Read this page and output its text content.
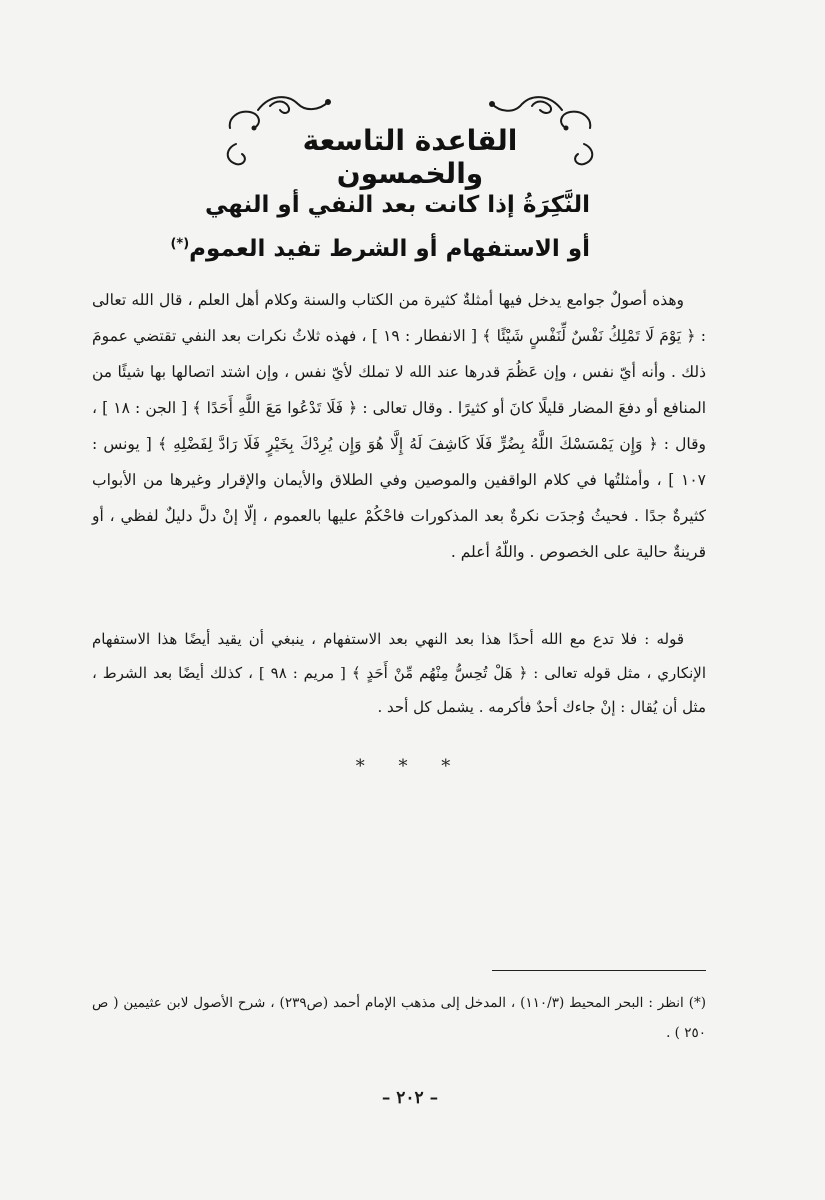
القاعدة التاسعة والخمسون
النَّكِرَةُ إذا كانت بعد النفي أو النهي
أو الاستفهام أو الشرط تفيد العموم(*)
وهذه أصولٌ جوامع يدخل فيها أمثلةٌ كثيرة من الكتاب والسنة وكلام أهل العلم ، قال الله تعالى : ﴿ يَوْمَ لَا تَمْلِكُ نَفْسٌ لِّنَفْسٍ شَيْئًا ﴾ [ الانفطار : ١٩ ] ، فهذه ثلاثُ نكرات بعد النفي تقتضي عمومَ ذلك . وأنه أيّ نفس ، وإن عَظُمَ قدرها عند الله لا تملك لأيّ نفس ، وإن اشتد اتصالها بها شيئًا من المنافع أو دفعَ المضار قليلًا كانَ أو كثيرًا . وقال تعالى : ﴿ فَلَا تَدْعُوا مَعَ اللَّهِ أَحَدًا ﴾ [ الجن : ١٨ ] ، وقال : ﴿ وَإِن يَمْسَسْكَ اللَّهُ بِضُرٍّ فَلَا كَاشِفَ لَهُ إِلَّا هُوَ وَإِن يُرِدْكَ بِخَيْرٍ فَلَا رَادَّ لِفَضْلِهِ ﴾ [ يونس : ١٠٧ ] ، وأمثلتُها في كلام الواقفين والموصين وفي الطلاق والأيمان والإقرار وغيرها من الأبواب كثيرةٌ جدًا . فحيثُ وُجدَت نكرةٌ بعد المذكورات فاحْكُمْ عليها بالعموم ، إلّا إنْ دلَّ دليلٌ لفظي ، أو قرينةٌ حالية على الخصوص . واللّهُ أعلم .
قوله : فلا تدع مع الله أحدًا هذا بعد النهي بعد الاستفهام ، ينبغي أن يقيد أيضًا هذا الاستفهام الإنكاري ، مثل قوله تعالى : ﴿ هَلْ تُحِسُّ مِنْهُم مِّنْ أَحَدٍ ﴾ [ مريم : ٩٨ ] ، كذلك أيضًا بعد الشرط ، مثل أن يُقال : إنْ جاءك أحدٌ فأكرمه . يشمل كل أحد .
* * *
(*) انظر : البحر المحيط (١١٠/٣) ، المدخل إلى مذهب الإمام أحمد (ص٢٣٩) ، شرح الأصول لابن عثيمين ( ص ٢٥٠ ) .
– ٢٠٢ –
